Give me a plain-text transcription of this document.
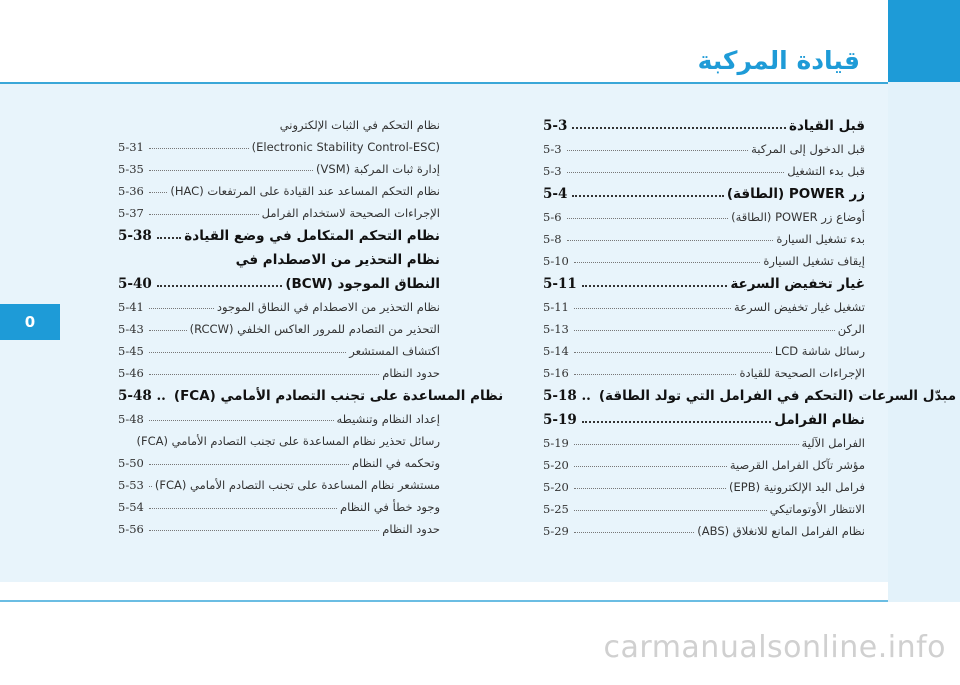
قيادة المركبة
0
5-3	قبل القيادة
5-3	قبل الدخول إلى المركبة
5-3	قبل بدء التشغيل
5-4	زر POWER (الطاقة)
5-6	أوضاع زر POWER (الطاقة)
5-8	بدء تشغيل السيارة
5-10	إيقاف تشغيل السيارة
5-11	غيار تخفيض السرعة
5-11	تشغيل غيار تخفيض السرعة
5-13	الركن
5-14	رسائل شاشة LCD
5-16	الإجراءات الصحيحة للقيادة
5-18 .. مبدّل السرعات (التحكم في الفرامل التي تولد الطاقة)
5-19	نظام الفرامل
5-19	الفرامل الآلية
5-20	مؤشر تآكل الفرامل القرصية
5-20	فرامل اليد الإلكترونية (EPB)
5-25	الانتظار الأوتوماتيكي
5-29	نظام الفرامل المانع للانغلاق (ABS)
نظام التحكم في الثبات الإلكتروني
5-31	(Electronic Stability Control-ESC)
5-35	إدارة ثبات المركبة (VSM)
5-36 نظام التحكم المساعد عند القيادة على المرتفعات (HAC)
5-37	الإجراءات الصحيحة لاستخدام الفرامل
5-38 نظام التحكم المتكامل في وضع القيادة
نظام التحذير من الاصطدام في
5-40	النطاق الموجود (BCW)
5-41	نظام التحذير من الاصطدام في النطاق الموجود
5-43	التحذير من التصادم للمرور العاكس الخلفي (RCCW)
5-45	اكتشاف المستشعر
5-46	حدود النظام
5-48 .. نظام المساعدة على تجنب التصادم الأمامي (FCA)
5-48	إعداد النظام وتنشيطه
رسائل تحذير نظام المساعدة على تجنب التصادم الأمامي (FCA)
5-50	وتحكمه في النظام
5-53 مستشعر نظام المساعدة على تجنب التصادم الأمامي (FCA)
5-54	وجود خطأ في النظام
5-56	حدود النظام
carmanualsonline.info
